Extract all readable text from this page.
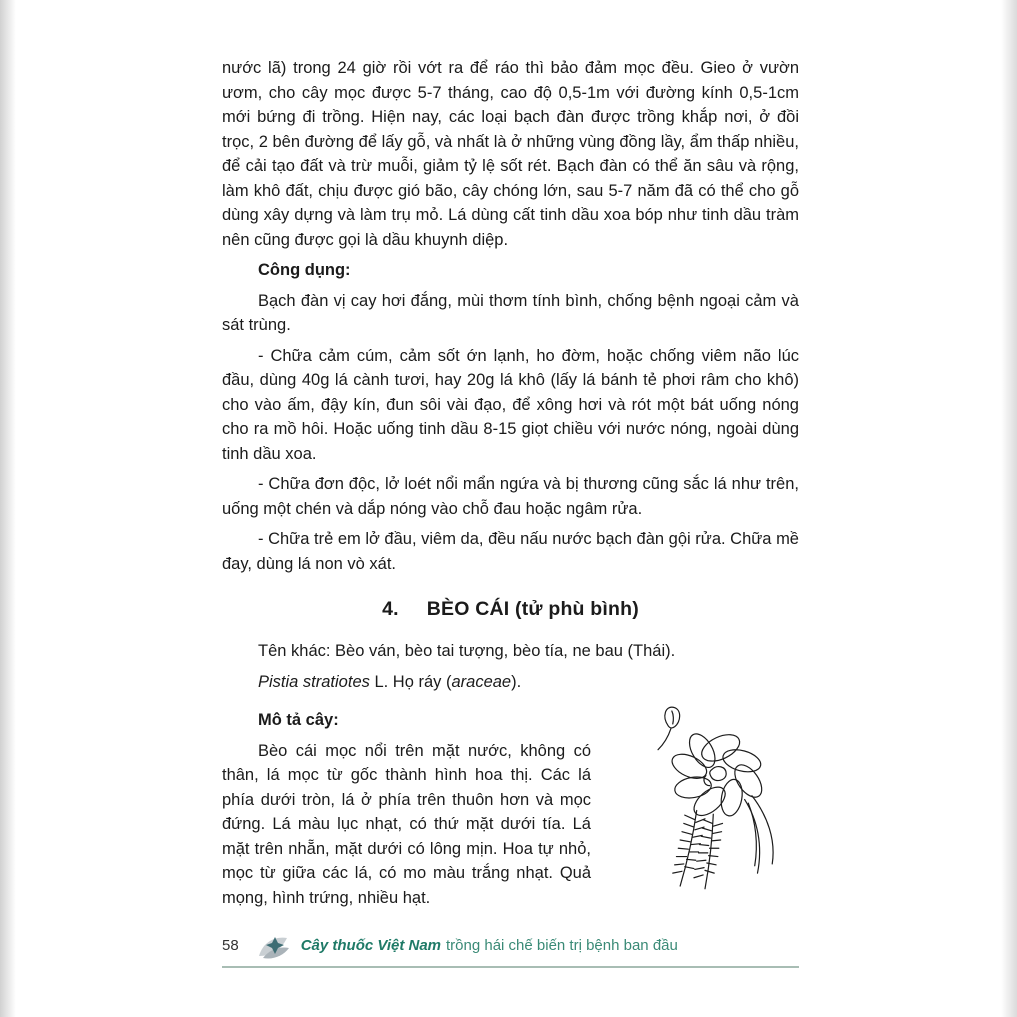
nước lã) trong 24 giờ rồi vớt ra để ráo thì bảo đảm mọc đều. Gieo ở vườn ươm, cho cây mọc được 5-7 tháng, cao độ 0,5-1m với đường kính 0,5-1cm mới bứng đi trồng. Hiện nay, các loại bạch đàn được trồng khắp nơi, ở đồi trọc, 2 bên đường để lấy gỗ, và nhất là ở những vùng đồng lầy, ẩm thấp nhiều, để cải tạo đất và trừ muỗi, giảm tỷ lệ sốt rét. Bạch đàn có thể ăn sâu và rộng, làm khô đất, chịu được gió bão, cây chóng lớn, sau 5-7 năm đã có thể cho gỗ dùng xây dựng và làm trụ mỏ. Lá dùng cất tinh dầu xoa bóp như tinh dầu tràm nên cũng được gọi là dầu khuynh diệp.

Công dụng:

Bạch đàn vị cay hơi đắng, mùi thơm tính bình, chống bệnh ngoại cảm và sát trùng.

- Chữa cảm cúm, cảm sốt ớn lạnh, ho đờm, hoặc chống viêm não lúc đầu, dùng 40g lá cành tươi, hay 20g lá khô (lấy lá bánh tẻ phơi râm cho khô) cho vào ấm, đậy kín, đun sôi vài đạo, để xông hơi và rót một bát uống nóng cho ra mồ hôi. Hoặc uống tinh dầu 8-15 giọt chiều với nước nóng, ngoài dùng tinh dầu xoa.

- Chữa đơn độc, lở loét nổi mẩn ngứa và bị thương cũng sắc lá như trên, uống một chén và dắp nóng vào chỗ đau hoặc ngâm rửa.

- Chữa trẻ em lở đầu, viêm da, đều nấu nước bạch đàn gội rửa. Chữa mề đay, dùng lá non vò xát.

4. BÈO CÁI (tử phù bình)

Tên khác: Bèo ván, bèo tai tượng, bèo tía, ne bau (Thái).

Pistia stratiotes L. Họ ráy (araceae).

Mô tả cây:

Bèo cái mọc nổi trên mặt nước, không có thân, lá mọc từ gốc thành hình hoa thị. Các lá phía dưới tròn, lá ở phía trên thuôn hơn và mọc đứng. Lá màu lục nhạt, có thứ mặt dưới tía. Lá mặt trên nhẵn, mặt dưới có lông mịn. Hoa tự nhỏ, mọc từ giữa các lá, có mo màu trắng nhạt. Quả mọng, hình trứng, nhiều hạt.

58	Cây thuốc Việt Nam trồng hái chế biến trị bệnh ban đầu
